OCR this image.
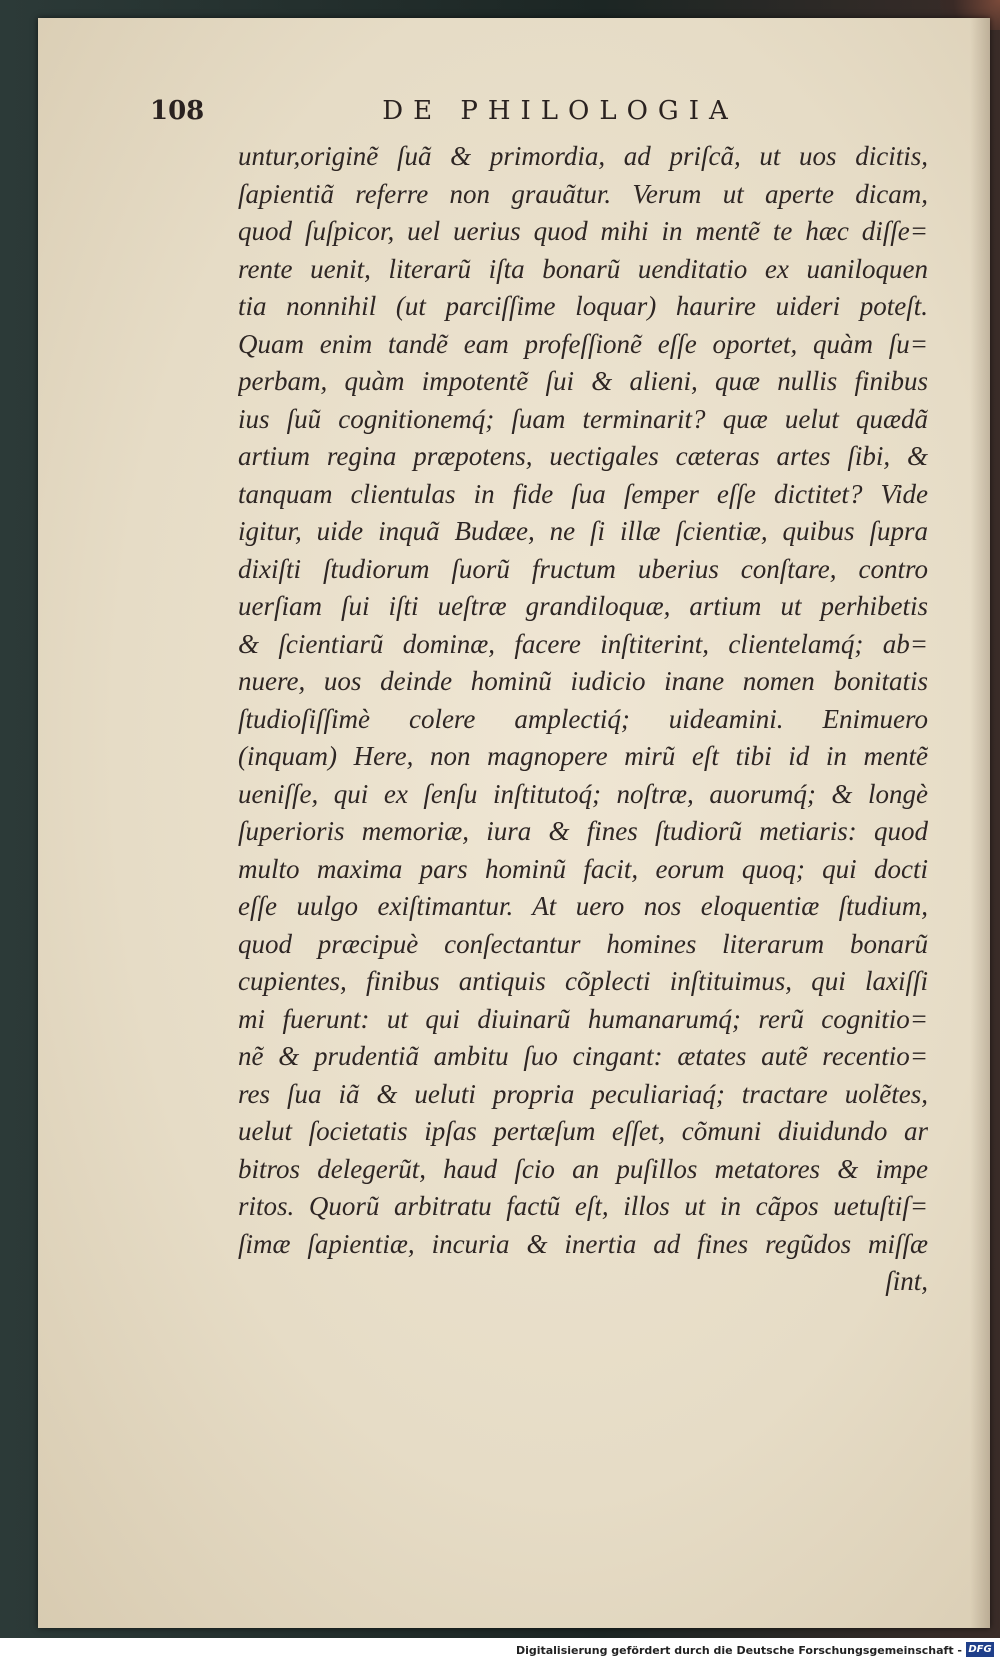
108	DE PHILOLOGIA
untur,originẽ ſuã & primordia, ad priſcã, ut uos dicitis,
ſapientiã referre non grauãtur. Verum ut aperte dicam,
quod ſuſpicor, uel uerius quod mihi in mentẽ te hæc diſſe=
rente uenit, literarũ iſta bonarũ uenditatio ex uaniloquen
tia nonnihil (ut parciſſime loquar) haurire uideri poteſt.
Quam enim tandẽ eam profeſſionẽ eſſe oportet, quàm ſu=
perbam, quàm impotentẽ ſui & alieni, quæ nullis finibus
ius ſuũ cognitionemq́; ſuam terminarit? quæ uelut quædã
artium regina præpotens, uectigales cæteras artes ſibi, &
tanquam clientulas in fide ſua ſemper eſſe dictitet? Vide
igitur, uide inquã Budæe, ne ſi illæ ſcientiæ, quibus ſupra
dixiſti ſtudiorum ſuorũ fructum uberius conſtare, contro
uerſiam ſui iſti ueſtræ grandiloquæ, artium ut perhibetis
& ſcientiarũ dominæ, facere inſtiterint, clientelamq́; ab=
nuere, uos deinde hominũ iudicio inane nomen bonitatis
ſtudioſiſſimè colere amplectiq́; uideamini. Enimuero
(inquam) Here, non magnopere mirũ eſt tibi id in mentẽ
ueniſſe, qui ex ſenſu inſtitutoq́; noſtræ, auorumq́; & longè
ſuperioris memoriæ, iura & fines ſtudiorũ metiaris: quod
multo maxima pars hominũ facit, eorum quoq; qui docti
eſſe uulgo exiſtimantur. At uero nos eloquentiæ ſtudium,
quod præcipuè conſectantur homines literarum bonarũ
cupientes, finibus antiquis cõplecti inſtituimus, qui laxiſſi
mi fuerunt: ut qui diuinarũ humanarumq́; rerũ cognitio=
nẽ & prudentiã ambitu ſuo cingant: ætates autẽ recentio=
res ſua iã & ueluti propria peculiariaq́; tractare uolẽtes,
uelut ſocietatis ipſas pertæſum eſſet, cõmuni diuidundo ar
bitros delegerũt, haud ſcio an puſillos metatores & impe
ritos. Quorũ arbitratu factũ eſt, illos ut in cãpos uetuſtiſ=
ſimæ ſapientiæ, incuria & inertia ad fines regũdos miſſæ
ſint,
Digitalisierung gefördert durch die Deutsche Forschungsgemeinschaft - DFG
